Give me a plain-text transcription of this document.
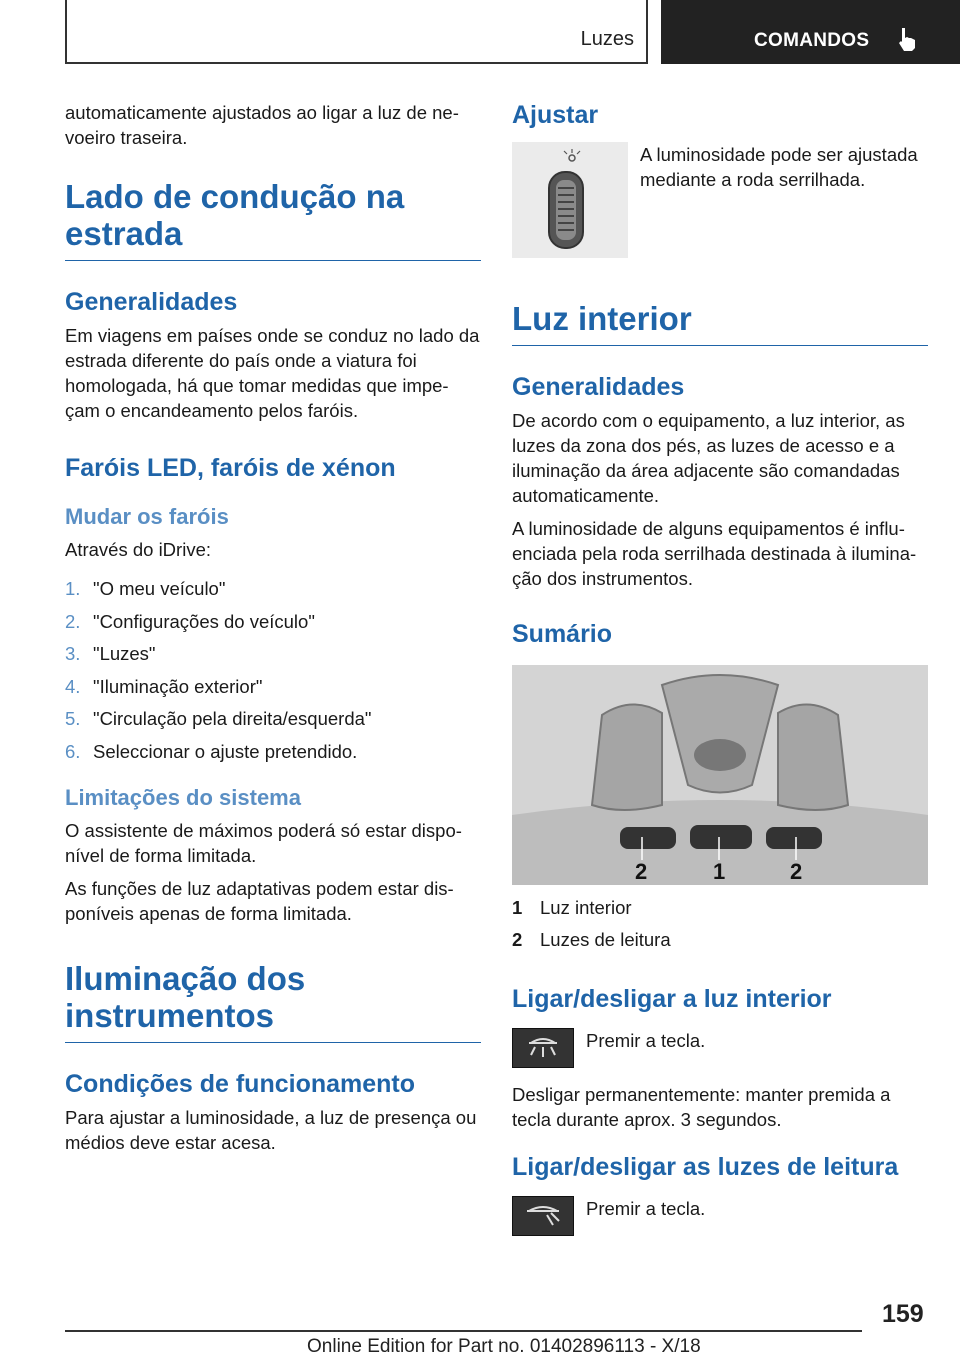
Luzes	COMANDOS

automaticamente ajustados ao ligar a luz de ne-voeiro traseira.

Lado de condução na estrada
Generalidades

Em viagens em países onde se conduz no lado da estrada diferente do país onde a viatura foi homologada, há que tomar medidas que impe-çam o encandeamento pelos faróis.

Faróis LED, faróis de xénon
Mudar os faróis

Através do iDrive:

1. "O meu veículo"
2. "Configurações do veículo"
3. "Luzes"
4. "Iluminação exterior"
5. "Circulação pela direita/esquerda"
6. Seleccionar o ajuste pretendido.
Limitações do sistema

O assistente de máximos poderá só estar dispo-nível de forma limitada.

As funções de luz adaptativas podem estar dis-poníveis apenas de forma limitada.

Iluminação dos instrumentos
Condições de funcionamento

Para ajustar a luminosidade, a luz de presença ou médios deve estar acesa.

Ajustar

A luminosidade pode ser ajustada mediante a roda serrilhada.

Luz interior
Generalidades

De acordo com o equipamento, a luz interior, as luzes da zona dos pés, as luzes de acesso e a iluminação da área adjacente são comandadas automaticamente.

A luminosidade de alguns equipamentos é influ-enciada pela roda serrilhada destinada à ilumina-ção dos instrumentos.

Sumário
2	1	2
1 Luz interior
2 Luzes de leitura
Ligar/desligar a luz interior

Premir a tecla.

Desligar permanentemente: manter premida a tecla durante aprox. 3 segundos.

Ligar/desligar as luzes de leitura

Premir a tecla.

159
Online Edition for Part no. 01402896113 - X/18
